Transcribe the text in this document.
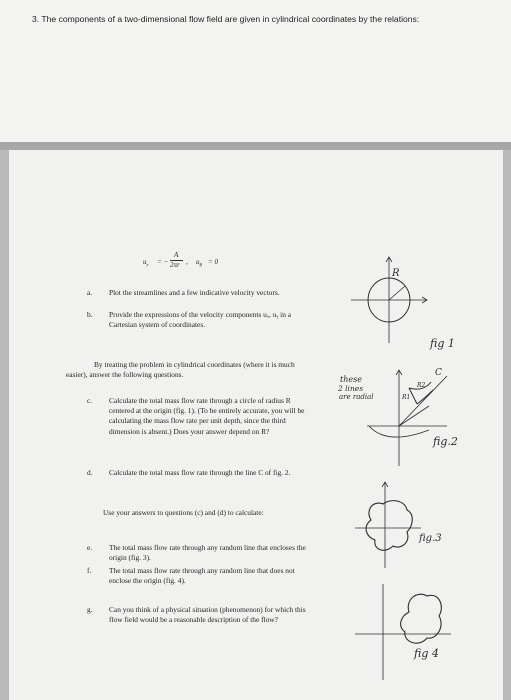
3. The components of a two-dimensional flow field are given in cylindrical coordinates by the relations:
$u_r$ = −
A
2πr , $u_\theta = 0$
a. Plot the streamlines and a few indicative velocity vectors.
b. Provide the expressions of the velocity components uₓ, uᵧ in a Cartesian system of coordinates.
By treating the problem in cylindrical coordinates (where it is much easier), answer the following questions.
c. Calculate the total mass flow rate through a circle of radius R centered at the origin (fig. 1). (To be entirely accurate, you will be calculating the mass flow rate per unit depth, since the third dimension is absent.) Does your answer depend on R?
d. Calculate the total mass flow rate through the line C of fig. 2.
Use your answers to questions (c) and (d) to calculate:
e. The total mass flow rate through any random line that encloses the origin (fig. 3).
f. The total mass flow rate through any random line that does not enclose the origin (fig. 4).
g. Can you think of a physical situation (phenomenon) for which this flow field would be a reasonable description of the flow?
R
fig 1
these
2 lines
are radial
C
R2
R1
fig.2
fig.3
fig 4
